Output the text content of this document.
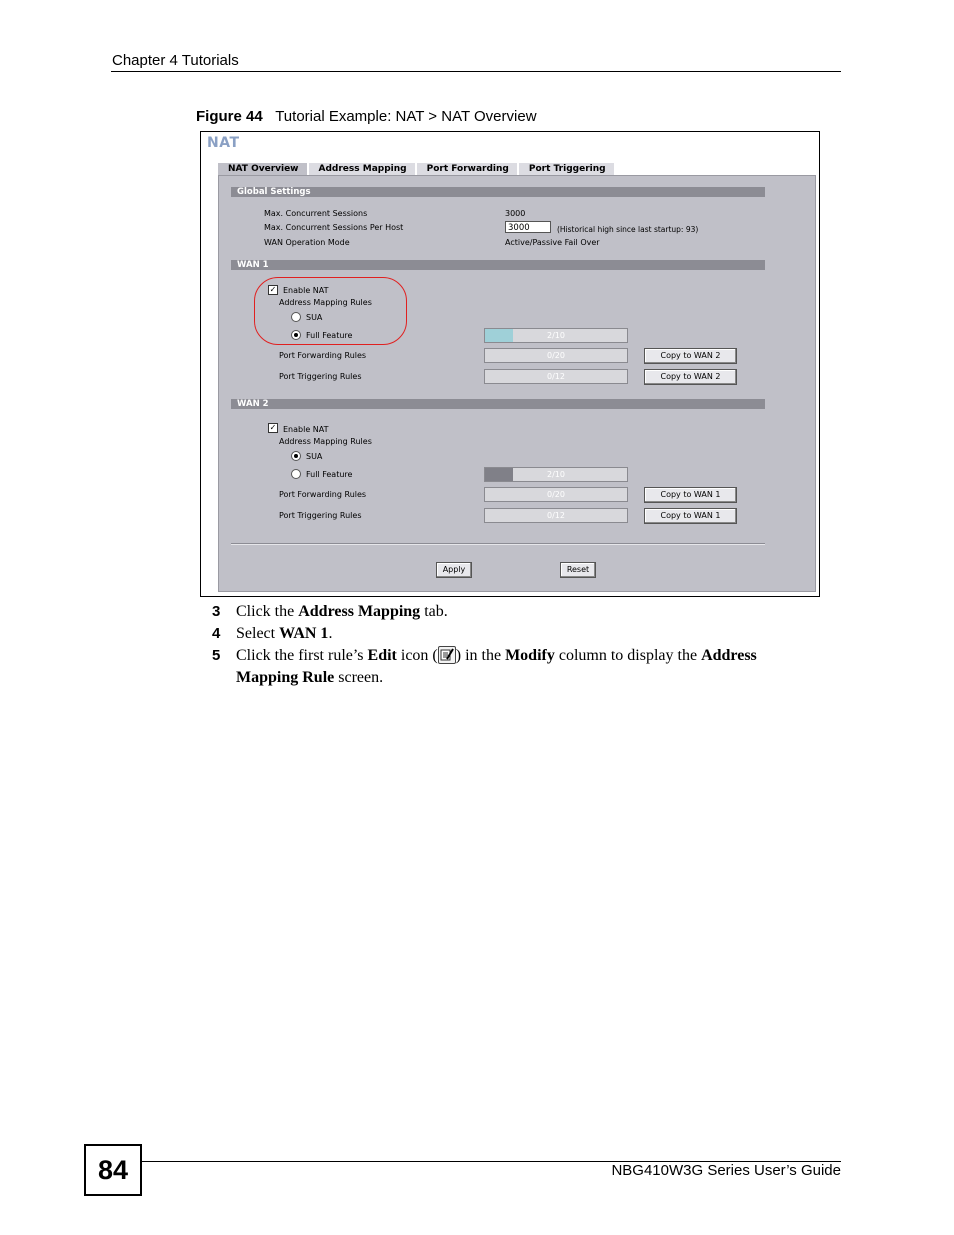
Chapter 4 Tutorials
Figure 44 Tutorial Example: NAT > NAT Overview
NAT
NAT Overview	Address Mapping	Port Forwarding	Port Triggering
Global Settings
Max. Concurrent Sessions	3000
Max. Concurrent Sessions Per Host	3000	(Historical high since last startup: 93)
WAN Operation Mode	Active/Passive Fail Over
WAN 1
✓ Enable NAT
Address Mapping Rules
SUA
Full Feature	2/10
Port Forwarding Rules	0/20	Copy to WAN 2
Port Triggering Rules	0/12	Copy to WAN 2
WAN 2
✓ Enable NAT
Address Mapping Rules
SUA
Full Feature	2/10
Port Forwarding Rules	0/20	Copy to WAN 1
Port Triggering Rules	0/12	Copy to WAN 1
Apply	Reset
3 Click the Address Mapping tab.
4 Select WAN 1.
5 Click the first rule’s Edit icon ( ) in the Modify column to display the Address Mapping Rule screen.
84	NBG410W3G Series User’s Guide
